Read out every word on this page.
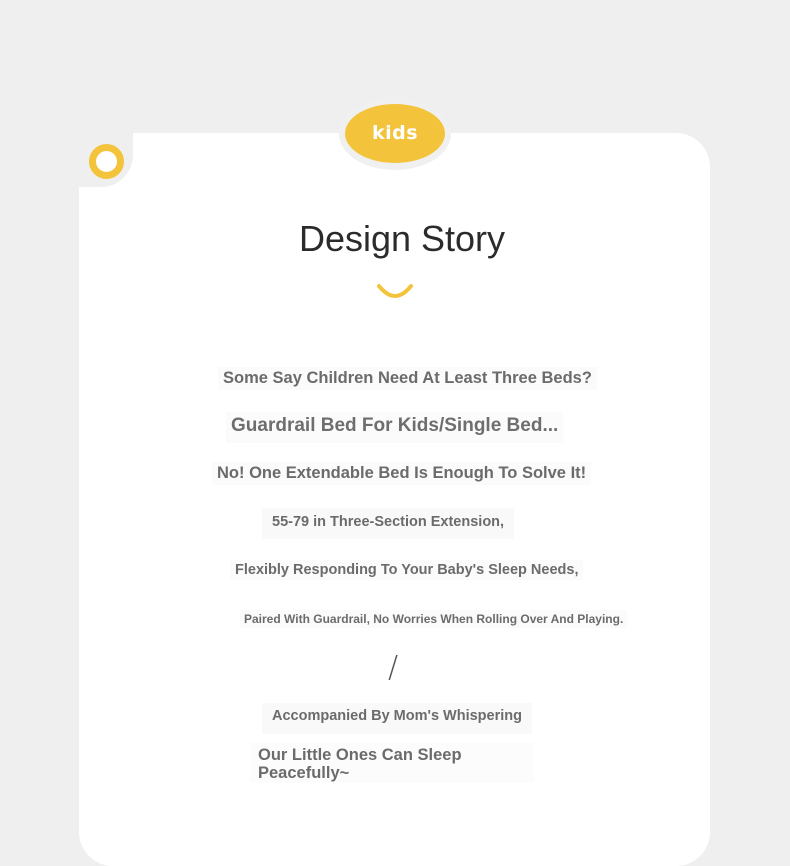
kids
Design Story
Some Say Children Need At Least Three Beds?
Guardrail Bed For Kids/Single Bed...
No! One Extendable Bed Is Enough To Solve It!
55-79 in Three-Section Extension,
Flexibly Responding To Your Baby's Sleep Needs,
Paired With Guardrail, No Worries When Rolling Over And Playing.
/
Accompanied By Mom's Whispering

Our Little Ones Can Sleep Peacefully~
